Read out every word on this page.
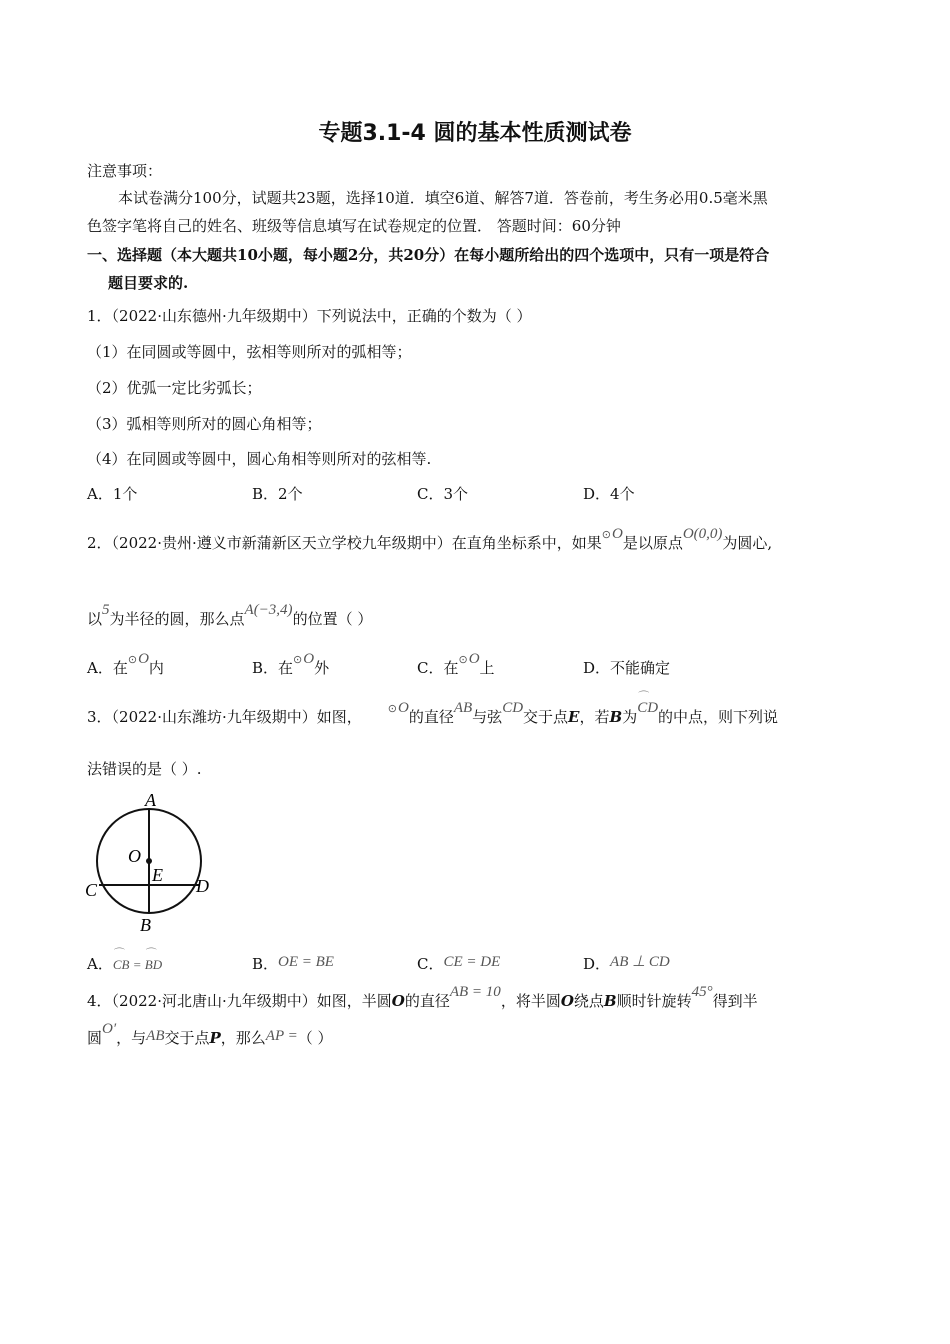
专题3.1-4 圆的基本性质测试卷
注意事项：
本试卷满分100分，试题共23题，选择10道．填空6道、解答7道．答卷前，考生务必用0.5毫米黑
色签字笔将自己的姓名、班级等信息填写在试卷规定的位置． 答题时间：60分钟
一、选择题（本大题共10小题，每小题2分，共20分）在每小题所给出的四个选项中，只有一项是符合
题目要求的.
1．（2022·山东德州·九年级期中）下列说法中，正确的个数为（ ）
（1）在同圆或等圆中，弦相等则所对的弧相等；
（2）优弧一定比劣弧长；
（3）弧相等则所对的圆心角相等；
（4）在同圆或等圆中，圆心角相等则所对的弦相等.
A．1个	B．2个	C．3个	D．4个
2．（2022·贵州·遵义市新蒲新区天立学校九年级期中）在直角坐标系中，如果⊙O是以原点O(0,0)为圆心,
以5为半径的圆，那么点A(−3,4)的位置（ ）
A．在⊙O内	B．在⊙O外	C．在⊙O上	D．不能确定
3．（2022·山东潍坊·九年级期中）如图， ⊙O的直径AB与弦CD交于点E，若B为⌒ CD的中点，则下列说
法错误的是（ ）.
A
O
E
C	D
B
A．⌒ CB = ⌒ BD	B．OE = BE	C．CE = DE	D．AB ⊥ CD
4．（2022·河北唐山·九年级期中）如图，半圆O的直径AB = 10，将半圆O绕点B顺时针旋转45°得到半
圆O′，与AB交于点P，那么AP =（ ）
